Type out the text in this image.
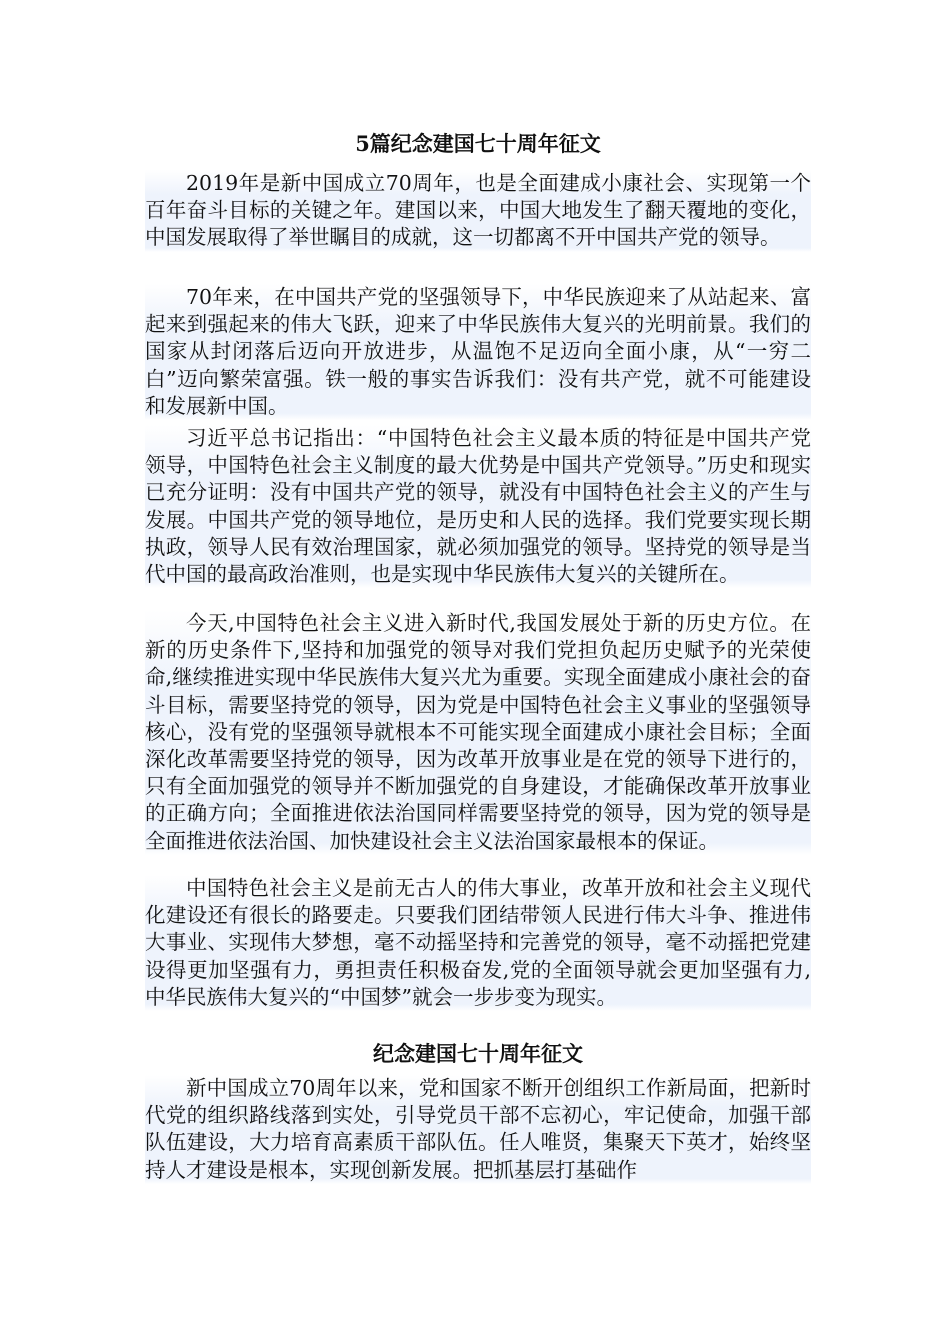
5篇纪念建国七十周年征文

2019年是新中国成立70周年，也是全面建成小康社会、实现第一个百年奋斗目标的关键之年。建国以来，中国大地发生了翻天覆地的变化，中国发展取得了举世瞩目的成就，这一切都离不开中国共产党的领导。

70年来，在中国共产党的坚强领导下，中华民族迎来了从站起来、富起来到强起来的伟大飞跃，迎来了中华民族伟大复兴的光明前景。我们的国家从封闭落后迈向开放进步，从温饱不足迈向全面小康，从“一穷二白”迈向繁荣富强。铁一般的事实告诉我们：没有共产党，就不可能建设和发展新中国。

习近平总书记指出：“中国特色社会主义最本质的特征是中国共产党领导，中国特色社会主义制度的最大优势是中国共产党领导。”历史和现实已充分证明：没有中国共产党的领导，就没有中国特色社会主义的产生与发展。中国共产党的领导地位，是历史和人民的选择。我们党要实现长期执政，领导人民有效治理国家，就必须加强党的领导。坚持党的领导是当代中国的最高政治准则，也是实现中华民族伟大复兴的关键所在。

今天,中国特色社会主义进入新时代,我国发展处于新的历史方位。在新的历史条件下,坚持和加强党的领导对我们党担负起历史赋予的光荣使命,继续推进实现中华民族伟大复兴尤为重要。实现全面建成小康社会的奋斗目标，需要坚持党的领导，因为党是中国特色社会主义事业的坚强领导核心，没有党的坚强领导就根本不可能实现全面建成小康社会目标；全面深化改革需要坚持党的领导，因为改革开放事业是在党的领导下进行的，只有全面加强党的领导并不断加强党的自身建设，才能确保改革开放事业的正确方向；全面推进依法治国同样需要坚持党的领导，因为党的领导是全面推进依法治国、加快建设社会主义法治国家最根本的保证。

中国特色社会主义是前无古人的伟大事业，改革开放和社会主义现代化建设还有很长的路要走。只要我们团结带领人民进行伟大斗争、推进伟大事业、实现伟大梦想，毫不动摇坚持和完善党的领导，毫不动摇把党建设得更加坚强有力，勇担责任积极奋发,党的全面领导就会更加坚强有力,中华民族伟大复兴的“中国梦”就会一步步变为现实。

纪念建国七十周年征文

新中国成立70周年以来，党和国家不断开创组织工作新局面，把新时代党的组织路线落到实处，引导党员干部不忘初心，牢记使命，加强干部队伍建设，大力培育高素质干部队伍。任人唯贤，集聚天下英才，始终坚持人才建设是根本，实现创新发展。把抓基层打基础作
